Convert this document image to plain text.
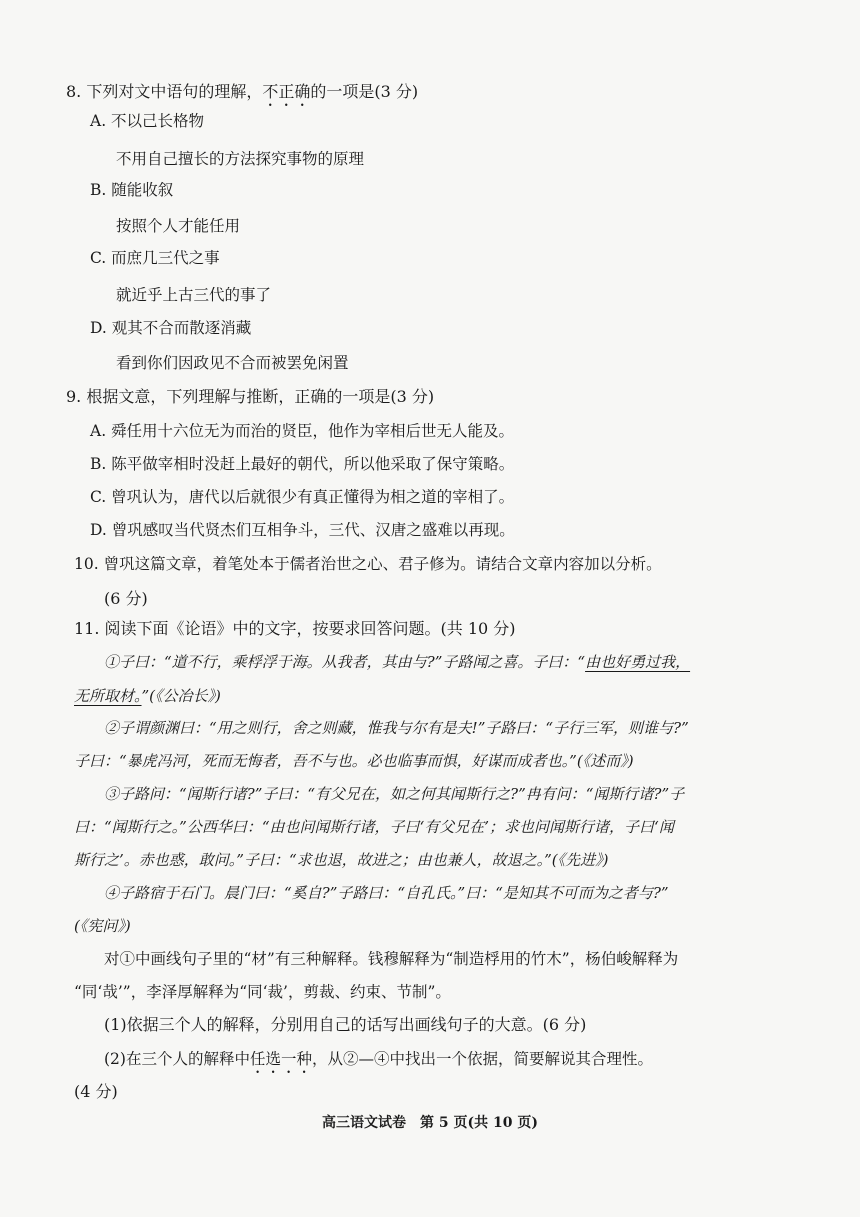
8. 下列对文中语句的理解，不正确的一项是(3 分)
A. 不以己长格物
不用自己擅长的方法探究事物的原理
B. 随能收叙
按照个人才能任用
C. 而庶几三代之事
就近乎上古三代的事了
D. 观其不合而散逐消藏
看到你们因政见不合而被罢免闲置
9. 根据文意，下列理解与推断，正确的一项是(3 分)
A. 舜任用十六位无为而治的贤臣，他作为宰相后世无人能及。
B. 陈平做宰相时没赶上最好的朝代，所以他采取了保守策略。
C. 曾巩认为，唐代以后就很少有真正懂得为相之道的宰相了。
D. 曾巩感叹当代贤杰们互相争斗，三代、汉唐之盛难以再现。
10. 曾巩这篇文章，着笔处本于儒者治世之心、君子修为。请结合文章内容加以分析。
(6 分)
11. 阅读下面《论语》中的文字，按要求回答问题。(共 10 分)
①子曰：“道不行，乘桴浮于海。从我者，其由与?”子路闻之喜。子曰：“由也好勇过我，
无所取材。”(《公冶长》)
②子谓颜渊曰：“用之则行，舍之则藏，惟我与尔有是夫!”子路曰：“子行三军，则谁与?”
子曰：“暴虎冯河，死而无悔者，吾不与也。必也临事而惧，好谋而成者也。”(《述而》)
③子路问：“闻斯行诸?”子曰：“有父兄在，如之何其闻斯行之?”冉有问：“闻斯行诸?”子
曰：“闻斯行之。”公西华曰：“由也问闻斯行诸，子曰‘有父兄在’；求也问闻斯行诸，子曰‘闻
斯行之’。赤也惑，敢问。”子曰：“求也退，故进之；由也兼人，故退之。”(《先进》)
④子路宿于石门。晨门曰：“奚自?”子路曰：“自孔氏。”曰：“是知其不可而为之者与?”
(《宪问》)
对①中画线句子里的“材”有三种解释。钱穆解释为“制造桴用的竹木”，杨伯峻解释为
“同‘哉’”，李泽厚解释为“同‘裁’，剪裁、约束、节制”。
(1)依据三个人的解释，分别用自己的话写出画线句子的大意。(6 分)
(2)在三个人的解释中任选一种，从②—④中找出一个依据，简要解说其合理性。
(4 分)
高三语文试卷　第 5 页(共 10 页)
